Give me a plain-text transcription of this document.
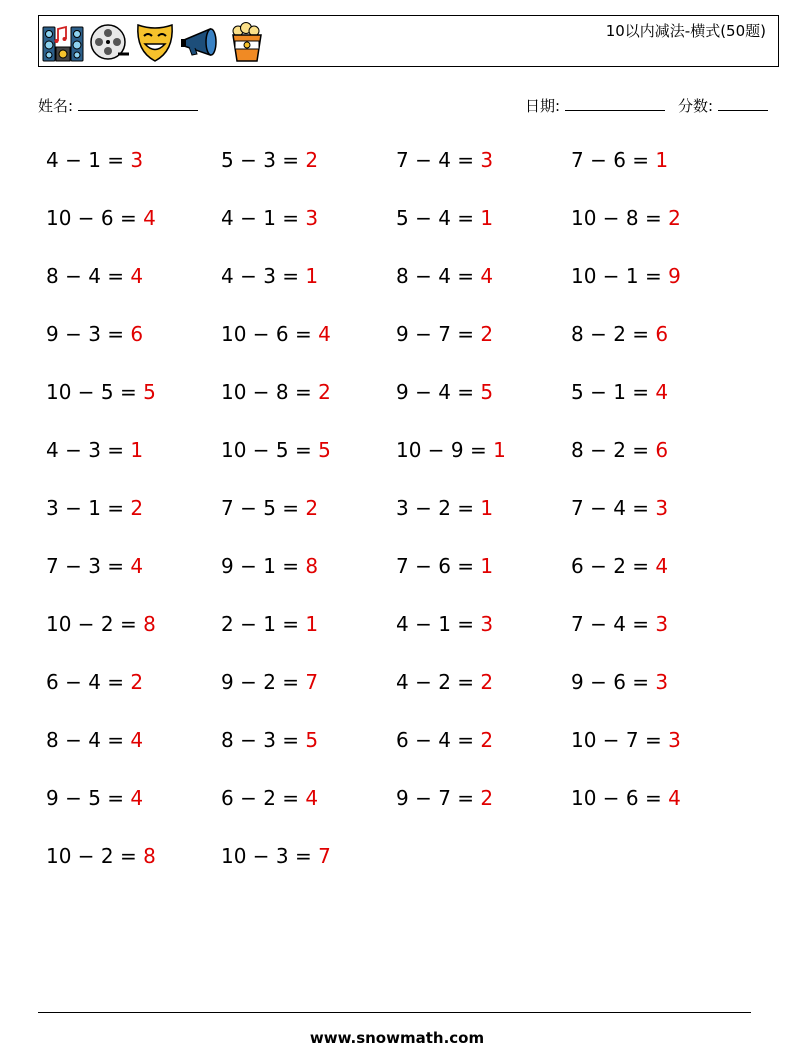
10以内减法-横式(50题)
姓名:	日期:	分数:
4 − 1 = 3	5 − 3 = 2	7 − 4 = 3	7 − 6 = 1
10 − 6 = 4	4 − 1 = 3	5 − 4 = 1	10 − 8 = 2
8 − 4 = 4	4 − 3 = 1	8 − 4 = 4	10 − 1 = 9
9 − 3 = 6	10 − 6 = 4	9 − 7 = 2	8 − 2 = 6
10 − 5 = 5	10 − 8 = 2	9 − 4 = 5	5 − 1 = 4
4 − 3 = 1	10 − 5 = 5	10 − 9 = 1	8 − 2 = 6
3 − 1 = 2	7 − 5 = 2	3 − 2 = 1	7 − 4 = 3
7 − 3 = 4	9 − 1 = 8	7 − 6 = 1	6 − 2 = 4
10 − 2 = 8	2 − 1 = 1	4 − 1 = 3	7 − 4 = 3
6 − 4 = 2	9 − 2 = 7	4 − 2 = 2	9 − 6 = 3
8 − 4 = 4	8 − 3 = 5	6 − 4 = 2	10 − 7 = 3
9 − 5 = 4	6 − 2 = 4	9 − 7 = 2	10 − 6 = 4
10 − 2 = 8	10 − 3 = 7
www.snowmath.com
